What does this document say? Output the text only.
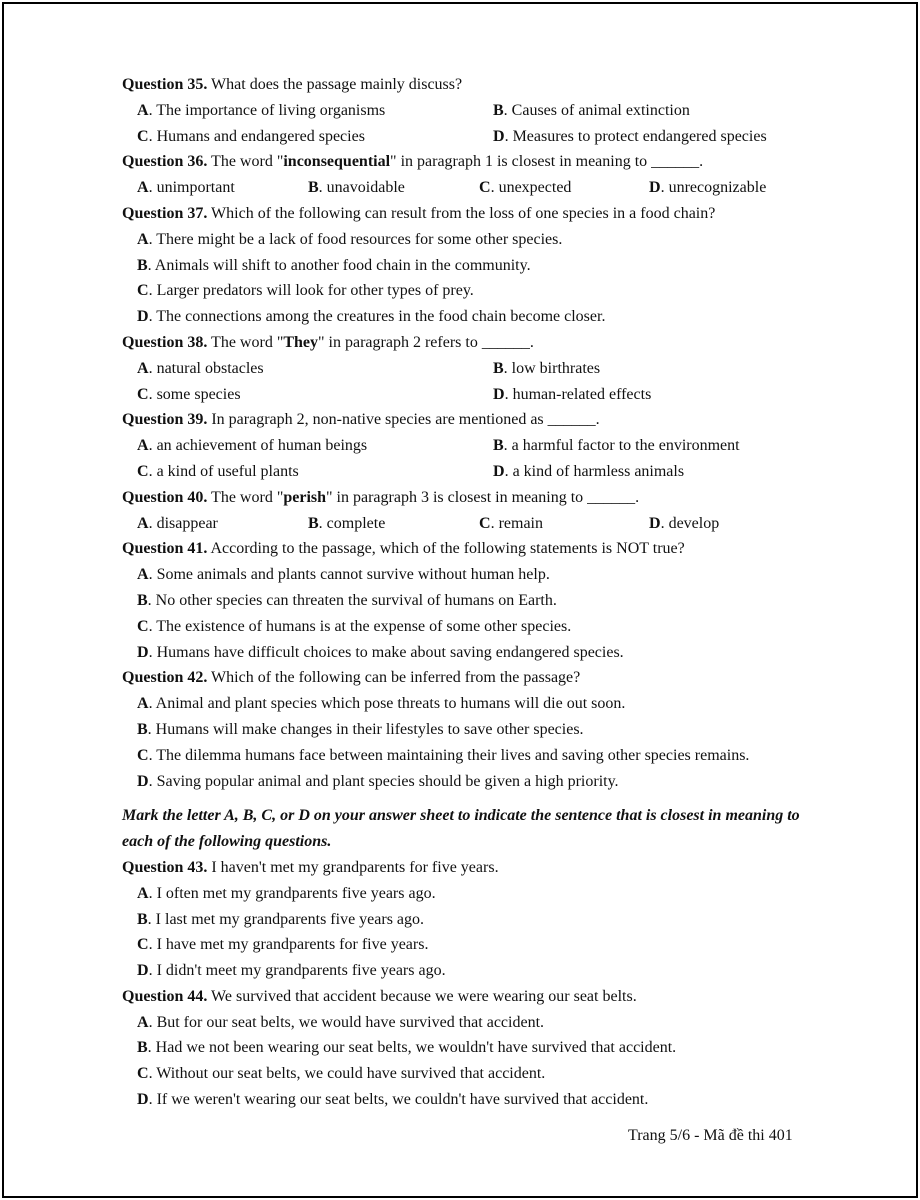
Question 35. What does the passage mainly discuss?
A. The importance of living organisms	B. Causes of animal extinction
C. Humans and endangered species	D. Measures to protect endangered species
Question 36. The word "inconsequential" in paragraph 1 is closest in meaning to ______.
A. unimportant	B. unavoidable	C. unexpected	D. unrecognizable
Question 37. Which of the following can result from the loss of one species in a food chain?
A. There might be a lack of food resources for some other species.
B. Animals will shift to another food chain in the community.
C. Larger predators will look for other types of prey.
D. The connections among the creatures in the food chain become closer.
Question 38. The word "They" in paragraph 2 refers to ______.
A. natural obstacles	B. low birthrates
C. some species	D. human-related effects
Question 39. In paragraph 2, non-native species are mentioned as ______.
A. an achievement of human beings	B. a harmful factor to the environment
C. a kind of useful plants	D. a kind of harmless animals
Question 40. The word "perish" in paragraph 3 is closest in meaning to ______.
A. disappear	B. complete	C. remain	D. develop
Question 41. According to the passage, which of the following statements is NOT true?
A. Some animals and plants cannot survive without human help.
B. No other species can threaten the survival of humans on Earth.
C. The existence of humans is at the expense of some other species.
D. Humans have difficult choices to make about saving endangered species.
Question 42. Which of the following can be inferred from the passage?
A. Animal and plant species which pose threats to humans will die out soon.
B. Humans will make changes in their lifestyles to save other species.
C. The dilemma humans face between maintaining their lives and saving other species remains.
D. Saving popular animal and plant species should be given a high priority.
Mark the letter A, B, C, or D on your answer sheet to indicate the sentence that is closest in meaning to each of the following questions.
Question 43. I haven't met my grandparents for five years.
A. I often met my grandparents five years ago.
B. I last met my grandparents five years ago.
C. I have met my grandparents for five years.
D. I didn't meet my grandparents five years ago.
Question 44. We survived that accident because we were wearing our seat belts.
A. But for our seat belts, we would have survived that accident.
B. Had we not been wearing our seat belts, we wouldn't have survived that accident.
C. Without our seat belts, we could have survived that accident.
D. If we weren't wearing our seat belts, we couldn't have survived that accident.
Trang 5/6 - Mã đề thi 401
